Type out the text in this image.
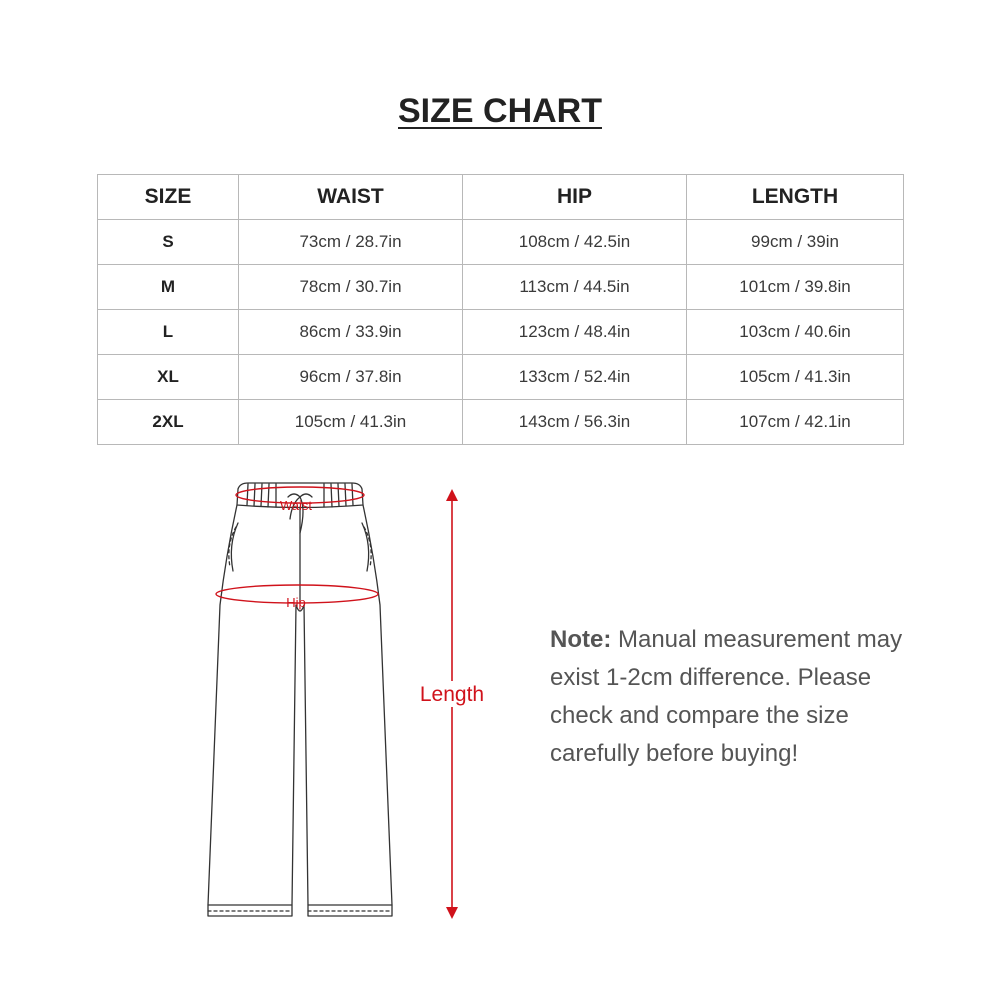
SIZE CHART
SIZE	WAIST	HIP	LENGTH
S	73cm / 28.7in	108cm / 42.5in	99cm / 39in
M	78cm / 30.7in	113cm / 44.5in	101cm / 39.8in
L	86cm / 33.9in	123cm / 48.4in	103cm / 40.6in
XL	96cm / 37.8in	133cm / 52.4in	105cm / 41.3in
2XL	105cm / 41.3in	143cm / 56.3in	107cm / 42.1in
Waist
Hip
Length
Note: Manual measurement may exist 1-2cm difference. Please check and compare the size carefully before buying!
